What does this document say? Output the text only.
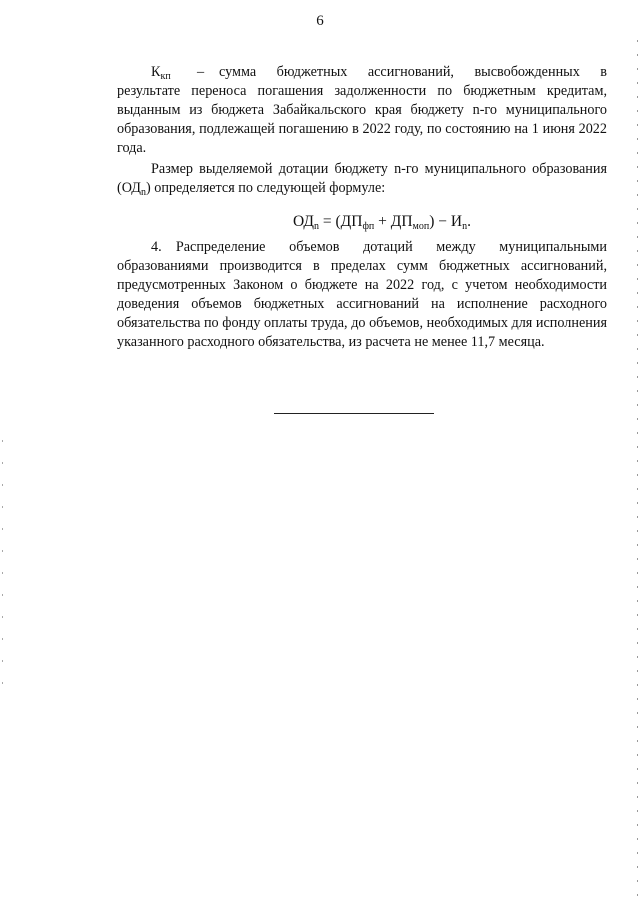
6
$К_{кп}$	–	сумма бюджетных ассигнований, высвобожденных в

результате переноса погашения задолженности по бюджетным кредитам, выданным из бюджета Забайкальского края бюджету n-го муниципального образования, подлежащей погашению в 2022 году, по состоянию на 1 июня 2022 года.

Размер выделяемой дотации бюджету n-го муниципального образования $(ОД_n)$ определяется по следующей формуле:

$ОД_n = (ДП_{фп} + ДП_{моп}) - И_n$.

4.  Распределение объемов дотаций между муниципальными образованиями производится в пределах сумм бюджетных ассигнований, предусмотренных Законом о бюджете на 2022 год, с учетом необходимости доведения объемов бюджетных ассигнований на исполнение расходного обязательства по фонду оплаты труда, до объемов, необходимых для исполнения указанного расходного обязательства, из расчета не менее 11,7 месяца.
